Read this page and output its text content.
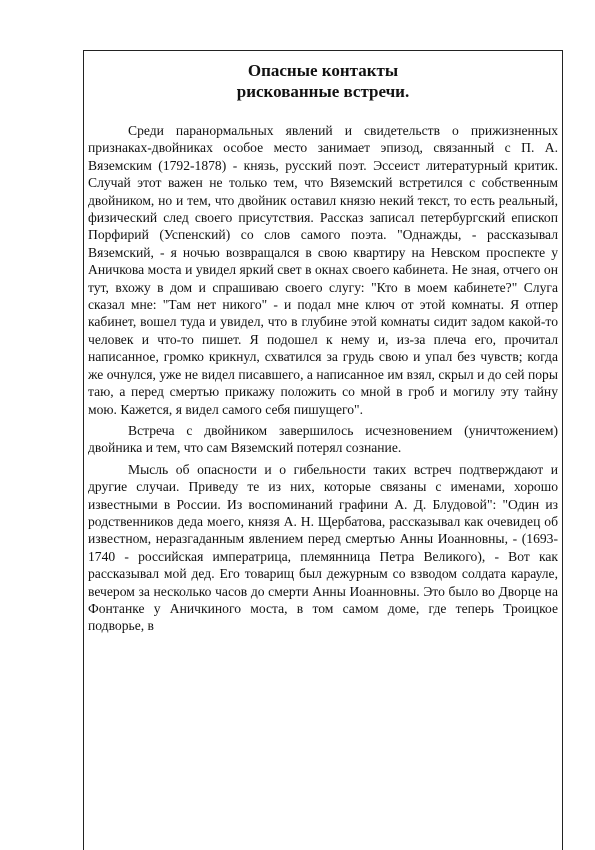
Опасные контакты
рискованные встречи.

Среди паранормальных явлений и свидетельств о прижизненных признаках-двойниках особое место занимает эпизод, связанный с П. А. Вяземским (1792-1878) - князь, русский поэт. Эссеист литературный критик. Случай этот важен не только тем, что Вяземский встретился с собственным двойником, но и тем, что двойник оставил князю некий текст, то есть реальный, физический след своего присутствия. Рассказ записал петербургский епископ Порфирий (Успенский) со слов самого поэта. "Однажды, - рассказывал Вяземский, - я ночью возвращался в свою квартиру на Невском проспекте у Аничкова моста и увидел яркий свет в окнах своего кабинета. Не зная, отчего он тут, вхожу в дом и спрашиваю своего слугу: "Кто в моем кабинете?" Слуга сказал мне: "Там нет никого" - и подал мне ключ от этой комнаты. Я отпер кабинет, вошел туда и увидел, что в глубине этой комнаты сидит задом какой-то человек и что-то пишет. Я подошел к нему и, из-за плеча его, прочитал написанное, громко крикнул, схватился за грудь свою и упал без чувств; когда же очнулся, уже не видел писавшего, а написанное им взял, скрыл и до сей поры таю, а перед смертью прикажу положить со мной в гроб и могилу эту тайну мою. Кажется, я видел самого себя пишущего".

Встреча с двойником завершилось исчезновением (уничтожением) двойника и тем, что сам Вяземский потерял сознание.

Мысль об опасности и о гибельности таких встреч подтверждают и другие случаи. Приведу те из них, которые связаны с именами, хорошо известными в России. Из воспоминаний графини А. Д. Блудовой": "Один из родственников деда моего, князя А. Н. Щербатова, рассказывал как очевидец об известном, неразгаданным явлением перед смертью Анны Иоанновны, - (1693-1740 - российская императрица, племянница Петра Великого), - Вот как рассказывал мой дед. Его товарищ был дежурным со взводом солдата карауле, вечером за несколько часов до смерти Анны Иоанновны. Это было во Дворце на Фонтанке у Аничкиного моста, в том самом доме, где теперь Троицкое подворье, в
